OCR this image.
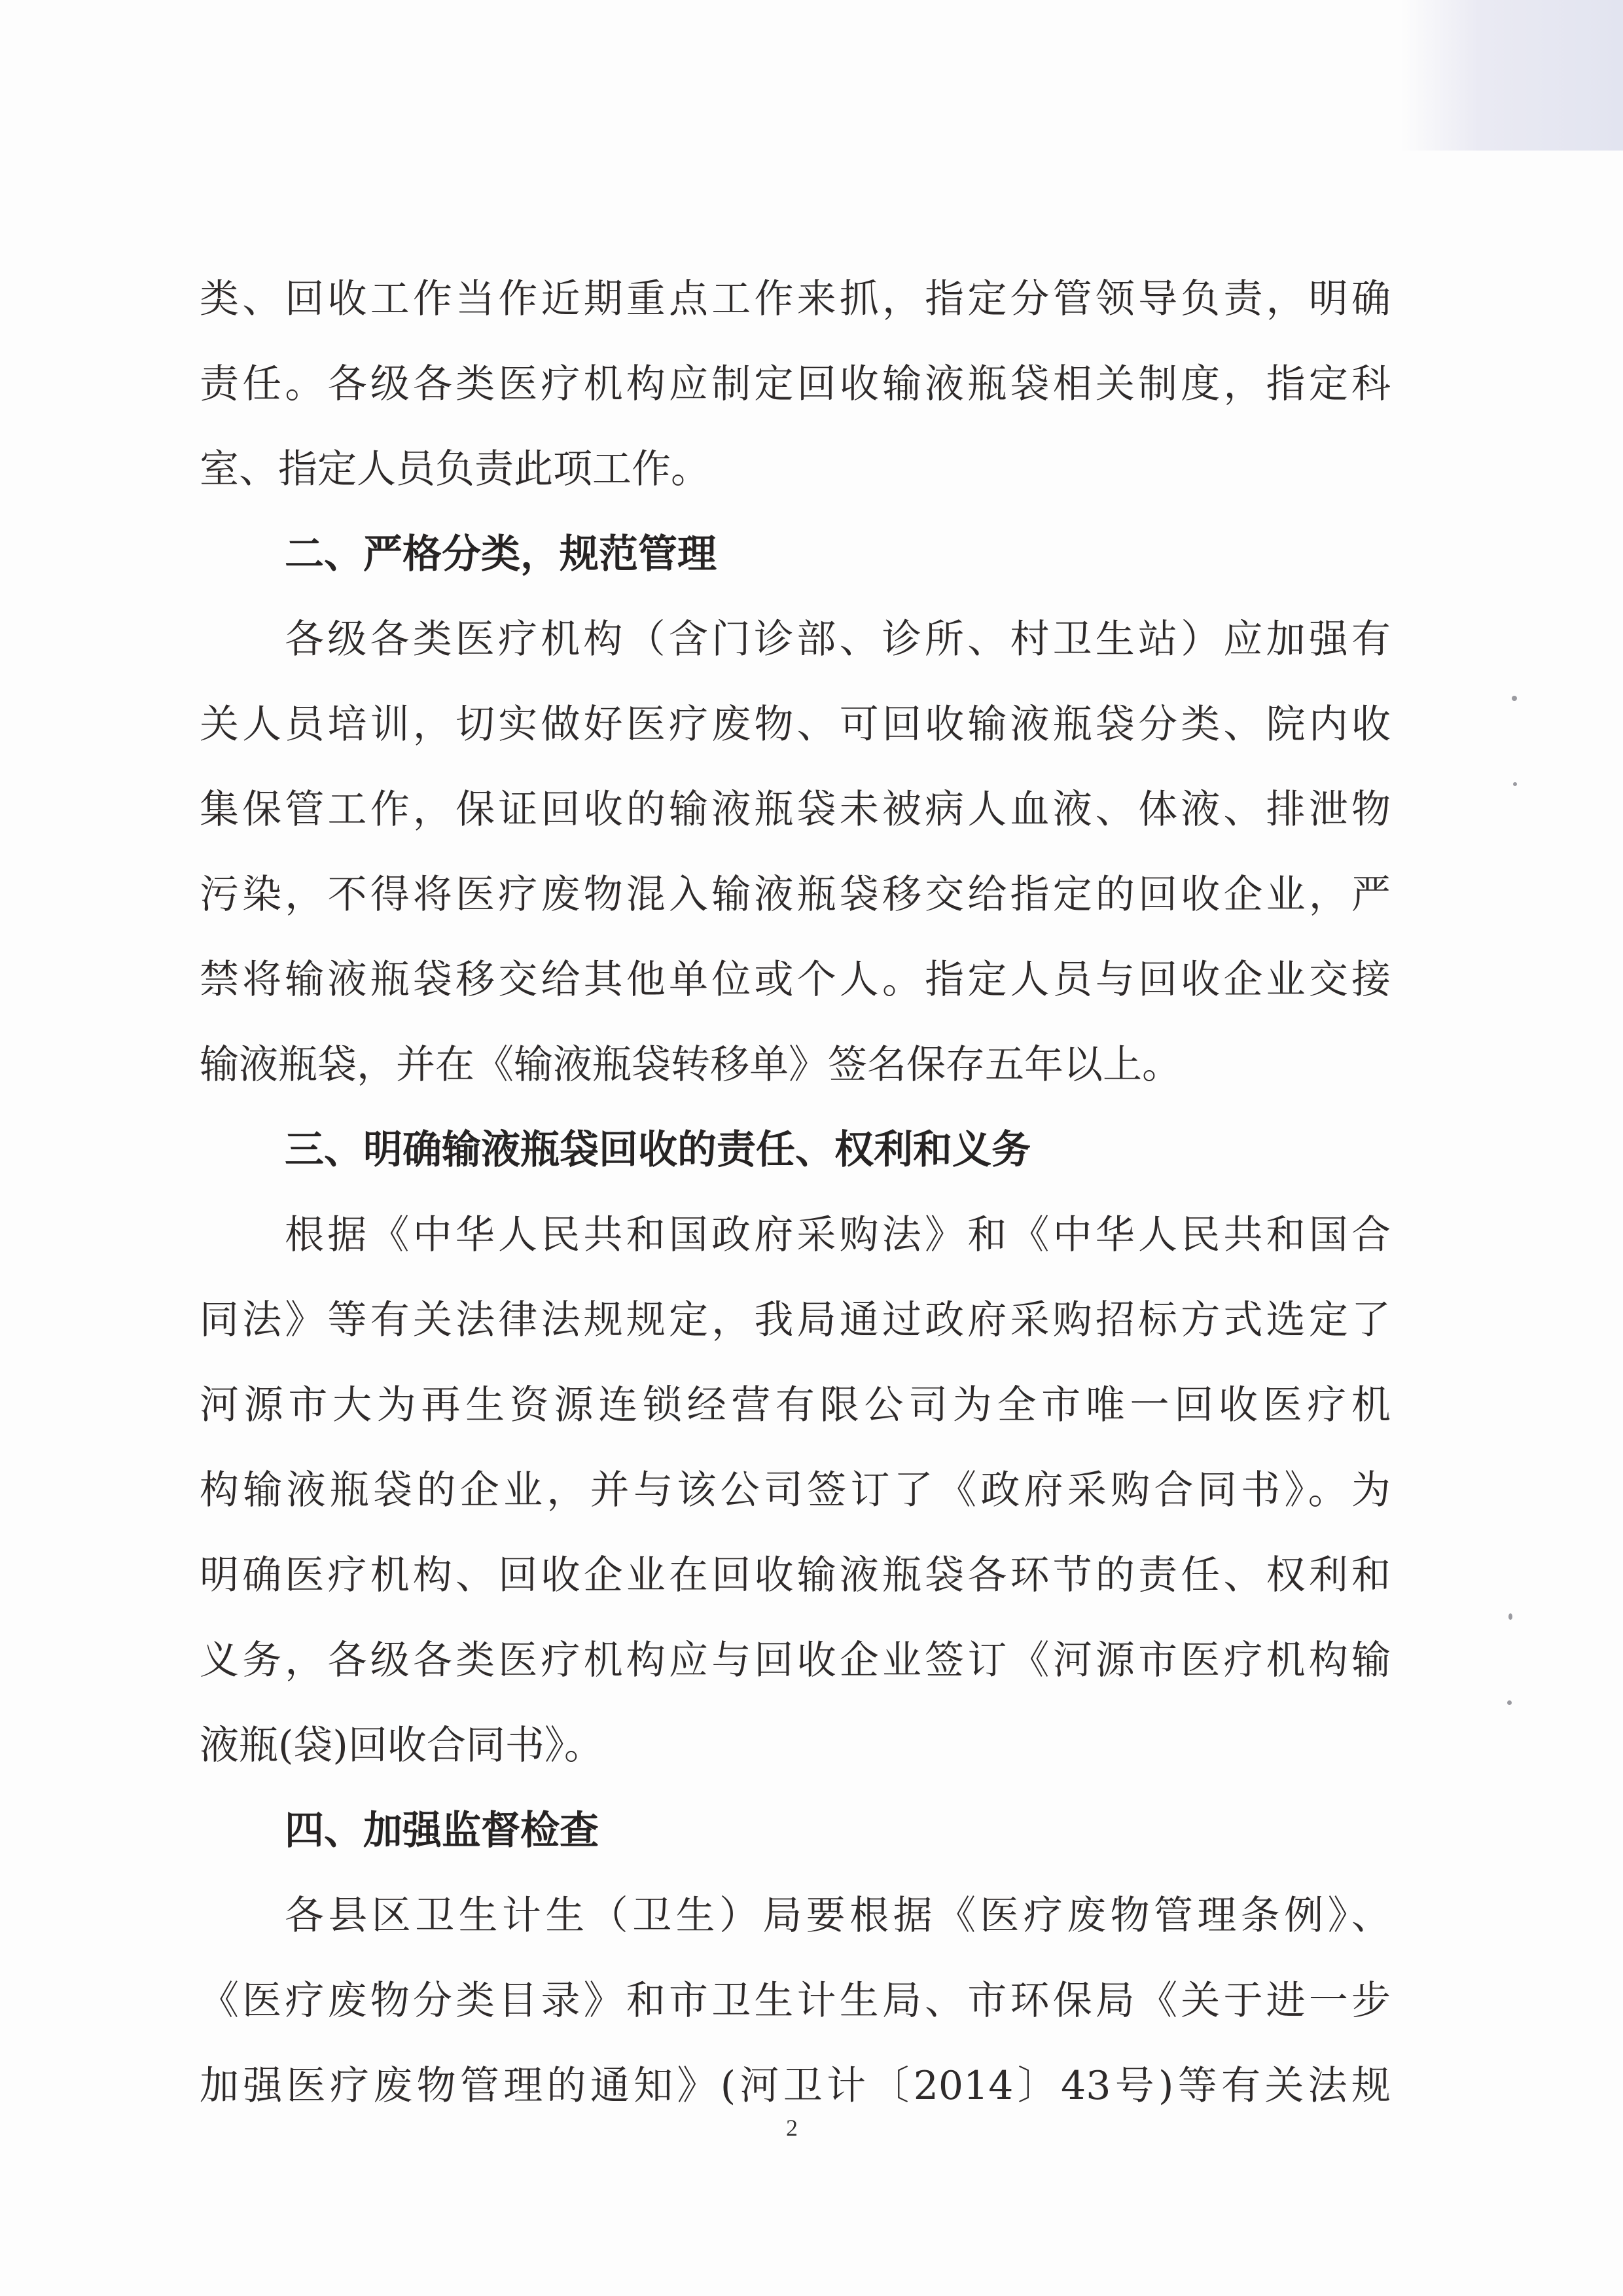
类、回收工作当作近期重点工作来抓，指定分管领导负责，明确
责任。各级各类医疗机构应制定回收输液瓶袋相关制度，指定科
室、指定人员负责此项工作。
二、严格分类，规范管理
各级各类医疗机构（含门诊部、诊所、村卫生站）应加强有
关人员培训，切实做好医疗废物、可回收输液瓶袋分类、院内收
集保管工作，保证回收的输液瓶袋未被病人血液、体液、排泄物
污染，不得将医疗废物混入输液瓶袋移交给指定的回收企业，严
禁将输液瓶袋移交给其他单位或个人。指定人员与回收企业交接
输液瓶袋，并在《输液瓶袋转移单》签名保存五年以上。
三、明确输液瓶袋回收的责任、权利和义务
根据《中华人民共和国政府采购法》和《中华人民共和国合
同法》等有关法律法规规定，我局通过政府采购招标方式选定了
河源市大为再生资源连锁经营有限公司为全市唯一回收医疗机
构输液瓶袋的企业，并与该公司签订了《政府采购合同书》。为
明确医疗机构、回收企业在回收输液瓶袋各环节的责任、权利和
义务，各级各类医疗机构应与回收企业签订《河源市医疗机构输
液瓶(袋)回收合同书》。
四、加强监督检查
各县区卫生计生（卫生）局要根据《医疗废物管理条例》、
《医疗废物分类目录》和市卫生计生局、市环保局《关于进一步
加强医疗废物管理的通知》(河卫计〔2014〕43号)等有关法规
2
